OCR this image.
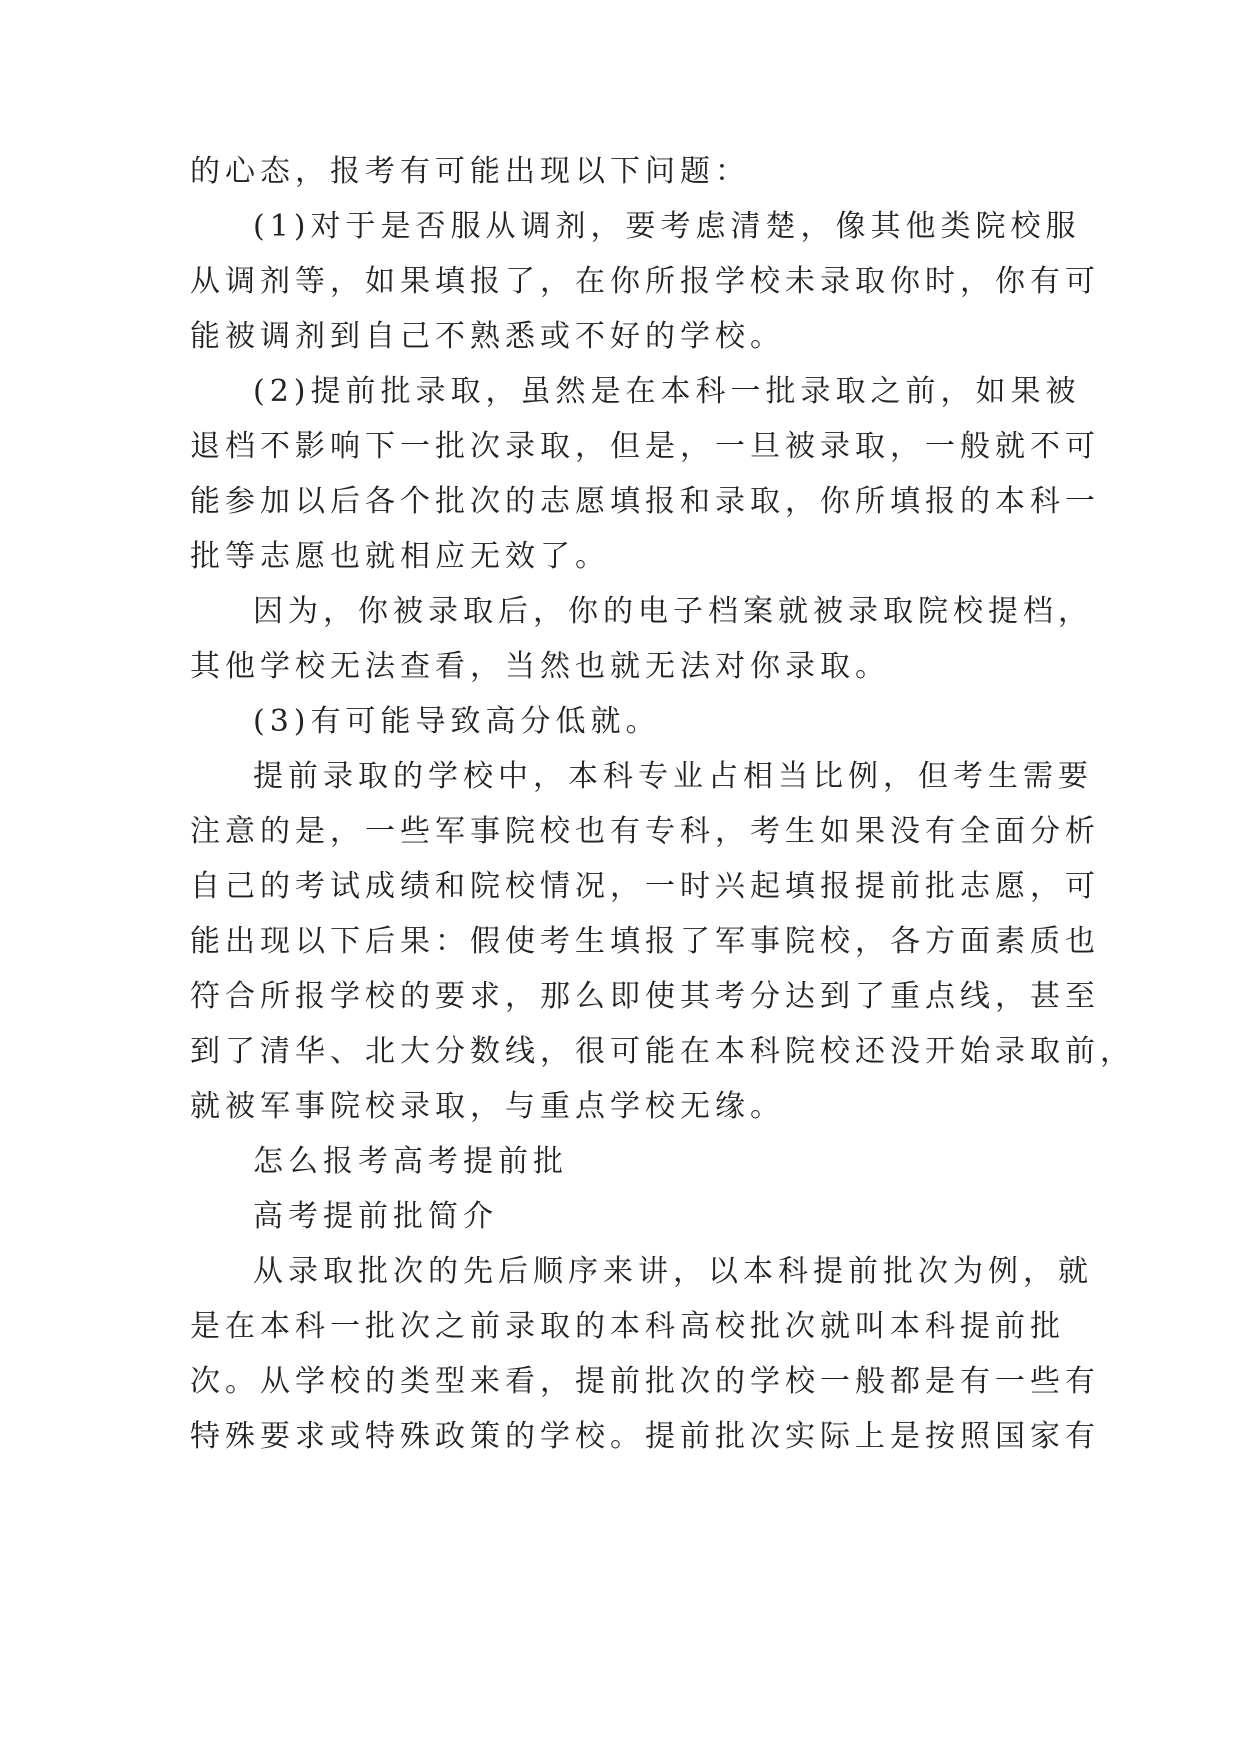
的心态，报考有可能出现以下问题：
(1)对于是否服从调剂，要考虑清楚，像其他类院校服
从调剂等，如果填报了，在你所报学校未录取你时，你有可
能被调剂到自己不熟悉或不好的学校。
(2)提前批录取，虽然是在本科一批录取之前，如果被
退档不影响下一批次录取，但是，一旦被录取，一般就不可
能参加以后各个批次的志愿填报和录取，你所填报的本科一
批等志愿也就相应无效了。
因为，你被录取后，你的电子档案就被录取院校提档，
其他学校无法查看，当然也就无法对你录取。
(3)有可能导致高分低就。
提前录取的学校中，本科专业占相当比例，但考生需要
注意的是，一些军事院校也有专科，考生如果没有全面分析
自己的考试成绩和院校情况，一时兴起填报提前批志愿，可
能出现以下后果：假使考生填报了军事院校，各方面素质也
符合所报学校的要求，那么即使其考分达到了重点线，甚至
到了清华、北大分数线，很可能在本科院校还没开始录取前，
就被军事院校录取，与重点学校无缘。
怎么报考高考提前批
高考提前批简介
从录取批次的先后顺序来讲，以本科提前批次为例，就
是在本科一批次之前录取的本科高校批次就叫本科提前批
次。从学校的类型来看，提前批次的学校一般都是有一些有
特殊要求或特殊政策的学校。提前批次实际上是按照国家有
